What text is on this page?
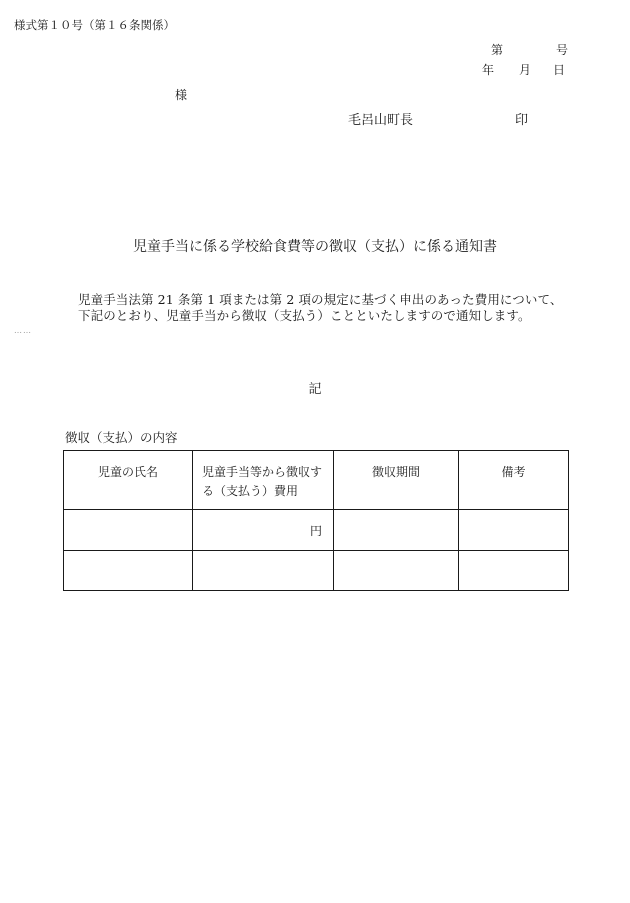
様式第１０号（第１６条関係）
第	号
年 月 日
様
毛呂山町長	印
児童手当に係る学校給食費等の徴収（支払）に係る通知書
児童手当法第 21 条第 1 項または第 2 項の規定に基づく申出のあった費用について、下記のとおり、児童手当から徴収（支払う）ことといたしますので通知します。
……
記
徴収（支払）の内容
児童の氏名	児童手当等から徴収する（支払う）費用	徴収期間	備考
	円		
